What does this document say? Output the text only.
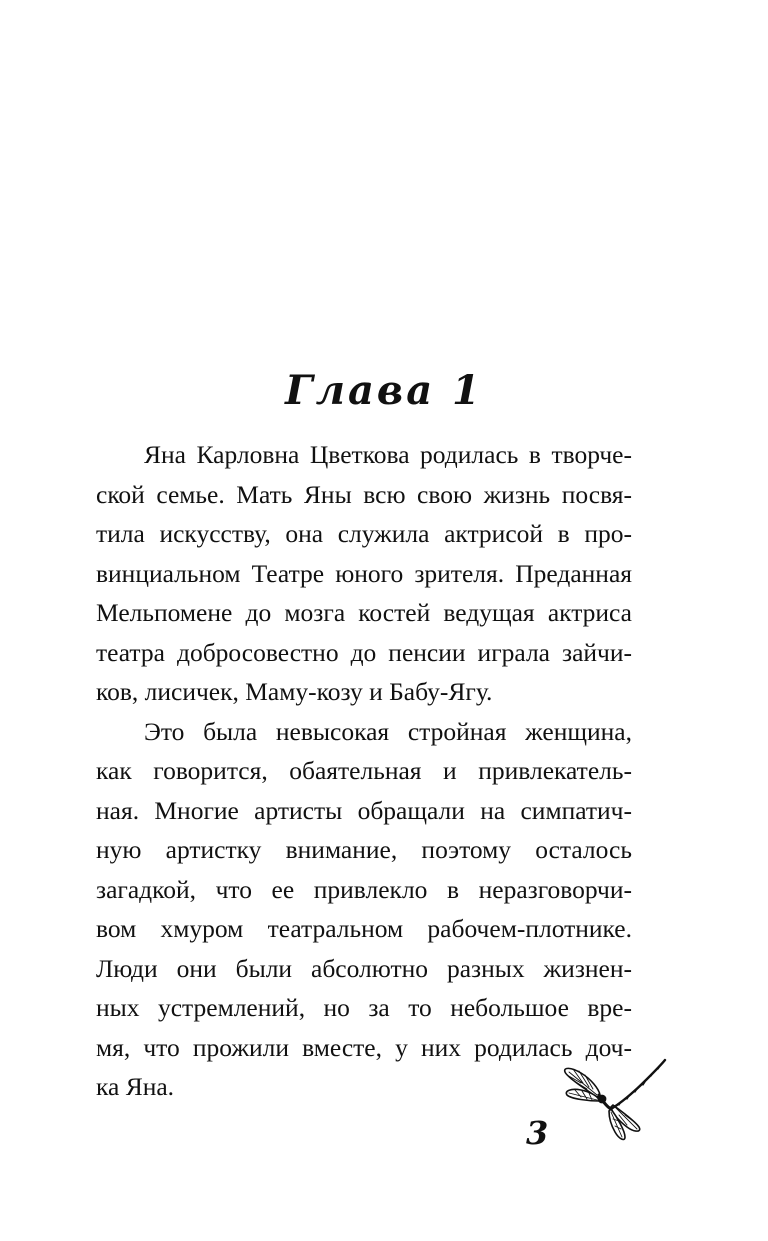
Глава 1

Яна Карловна Цветкова родилась в творче-
ской семье. Мать Яны всю свою жизнь посвя-
тила искусству, она служила актрисой в про-
винциальном Театре юного зрителя. Преданная
Мельпомене до мозга костей ведущая актриса
театра добросовестно до пенсии играла зайчи-
ков, лисичек, Маму-козу и Бабу-Ягу.

Это была невысокая стройная женщина,
как говорится, обаятельная и привлекатель-
ная. Многие артисты обращали на симпатич-
ную артистку внимание, поэтому осталось
загадкой, что ее привлекло в неразговорчи-
вом хмуром театральном рабочем-плотнике.
Люди они были абсолютно разных жизнен-
ных устремлений, но за то небольшое вре-
мя, что прожили вместе, у них родилась доч-
ка Яна.

3
